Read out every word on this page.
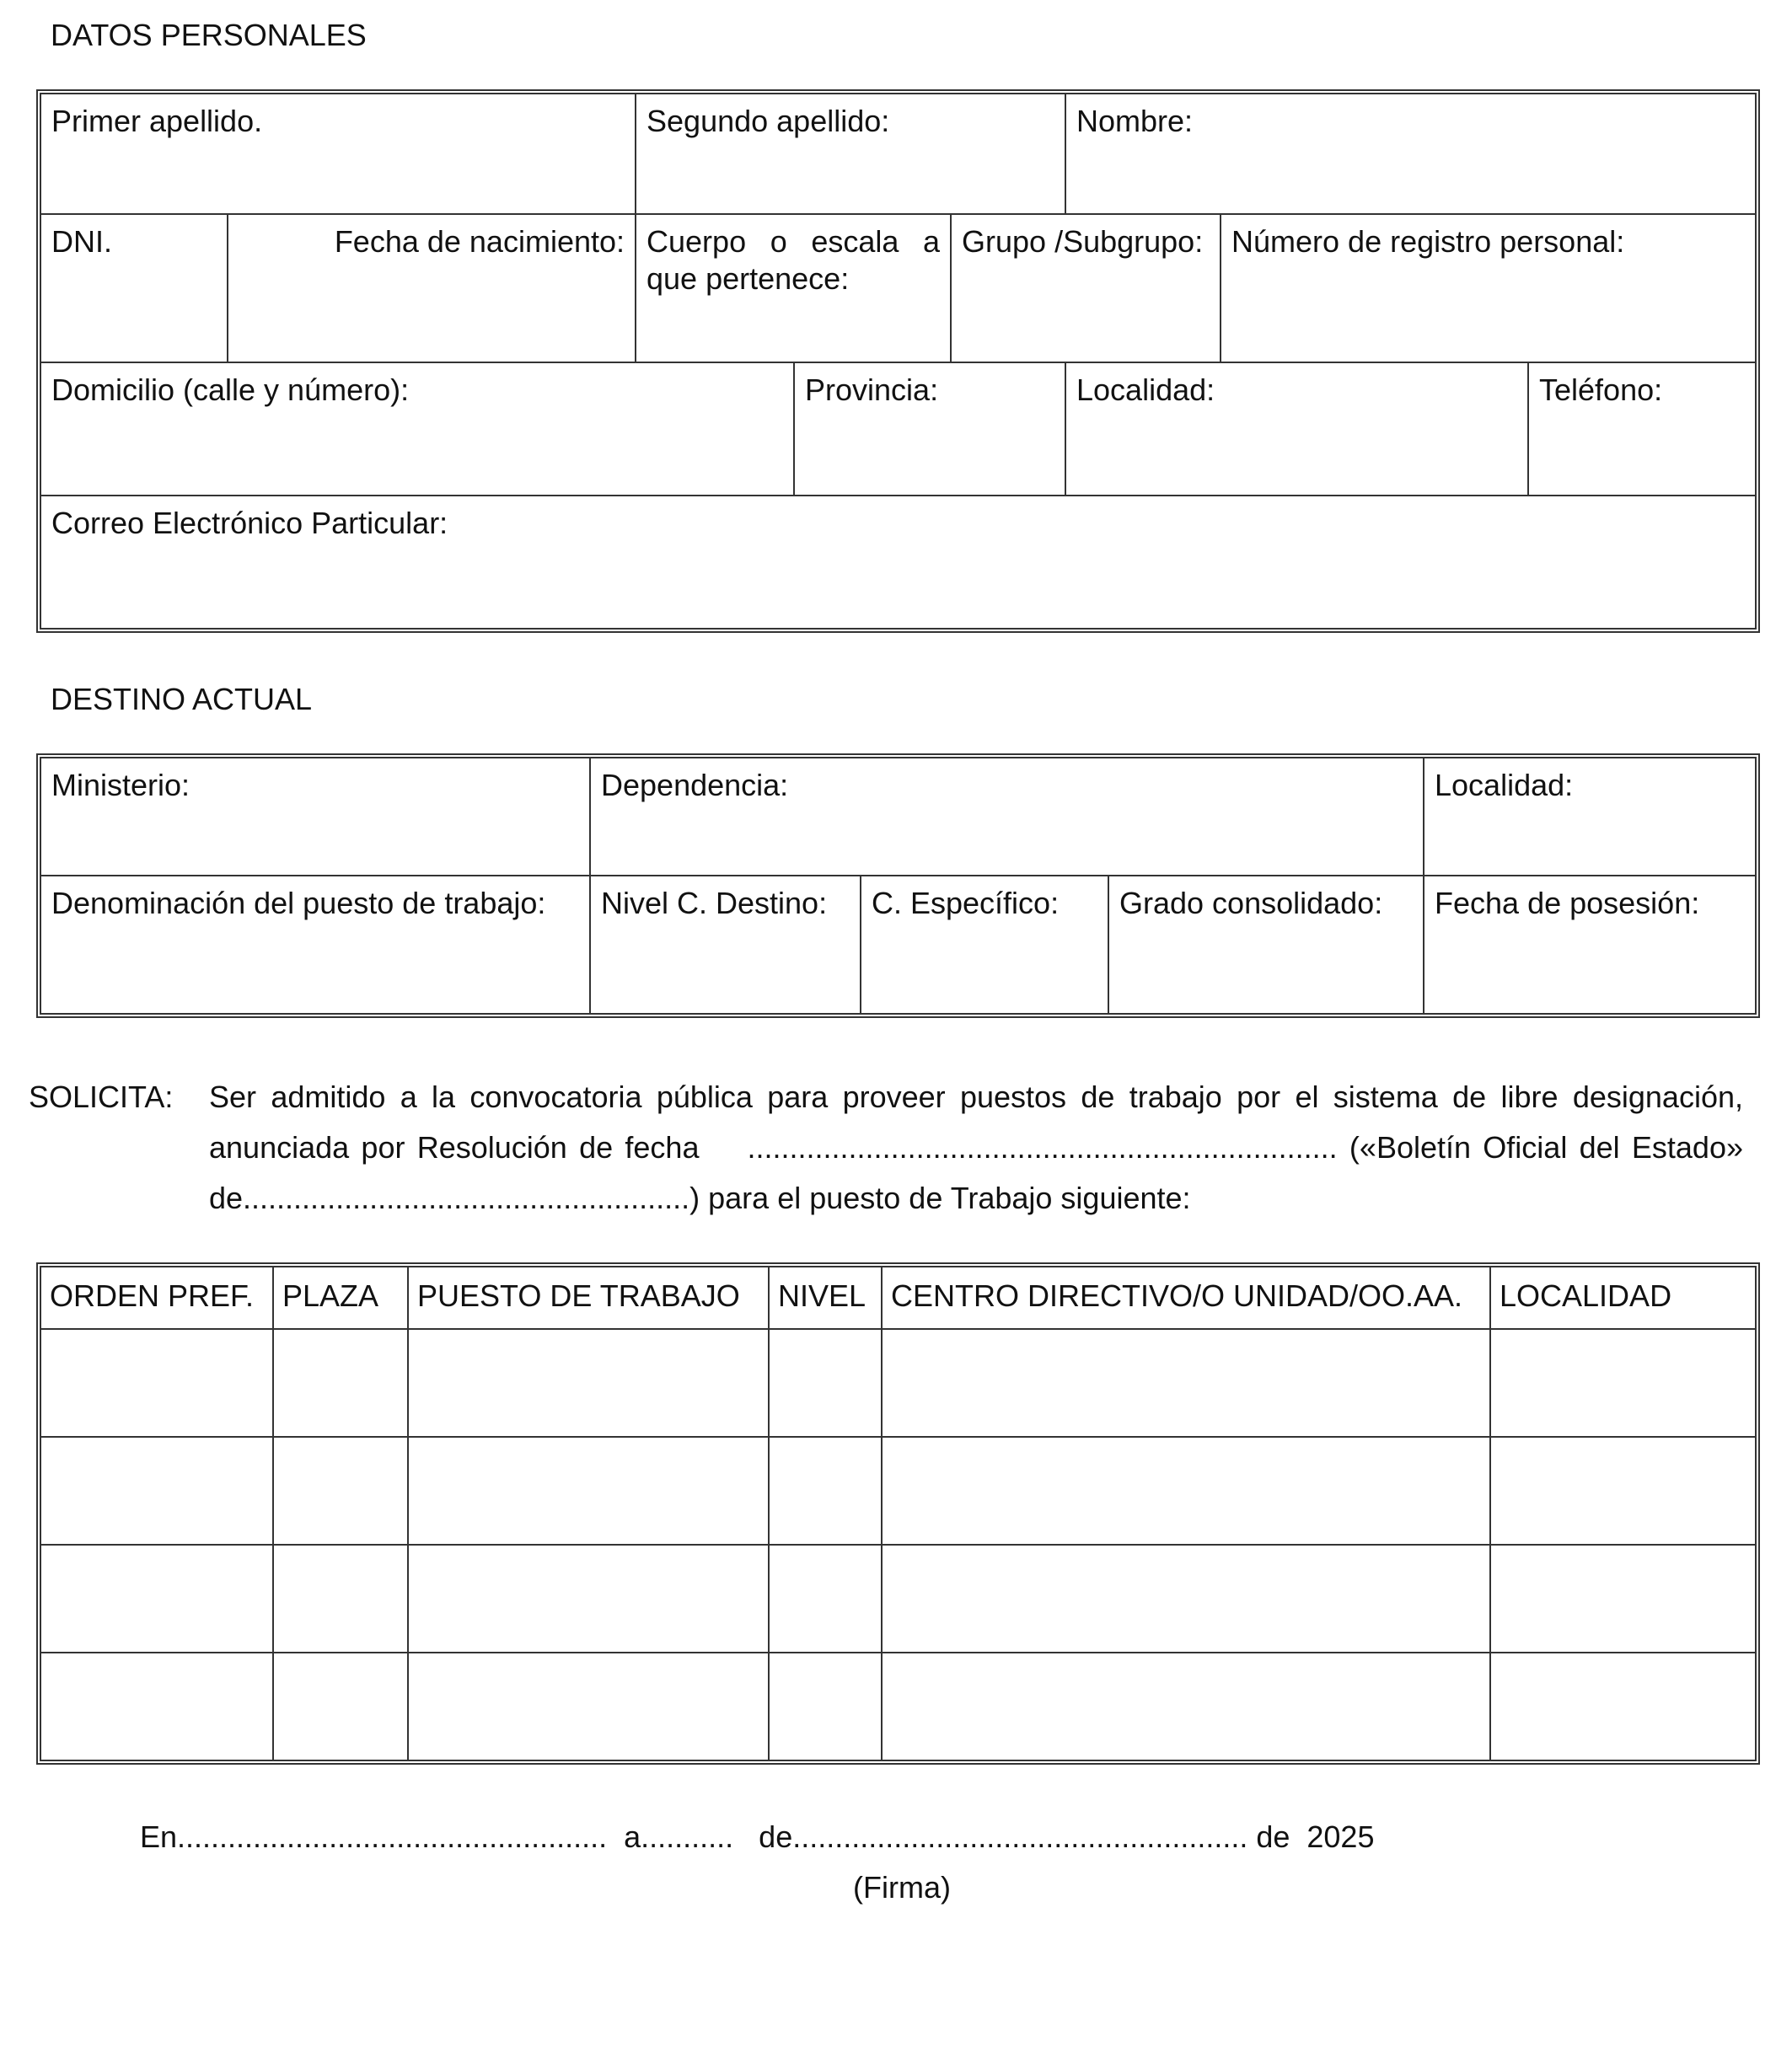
DATOS PERSONALES
Primer apellido.		Segundo apellido:			Nombre:		

DNI.	Fecha de nacimiento:	Cuerpo o escala a que pertenece:		Grupo /Subgrupo:		Número de registro personal:	

Domicilio (calle y número):			Provincia:		Localidad:		Teléfono:

Correo Electrónico Particular:							
DESTINO ACTUAL
Ministerio:	Dependencia:			Localidad:

Denominación del puesto de trabajo:	Nivel C. Destino:	C. Específico:	Grado consolidado:	Fecha de posesión:
SOLICITA: Ser admitido a la convocatoria pública para proveer puestos de trabajo por el sistema de libre designación,
anunciada por Resolución de fecha    ...................................................................... («Boletín Oficial del Estado»
de.....................................................) para el puesto de Trabajo siguiente:
ORDEN PREF.	PLAZA	PUESTO DE TRABAJO	NIVEL	CENTRO DIRECTIVO/O UNIDAD/OO.AA.	LOCALIDAD

En...................................................  a...........   de...................................................... de  2025
(Firma)
